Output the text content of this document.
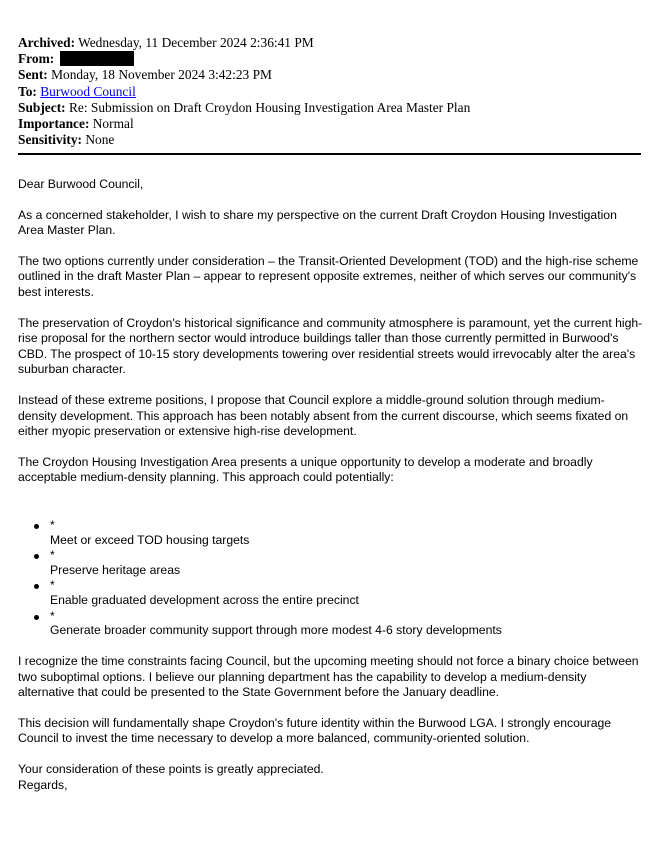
Archived: Wednesday, 11 December 2024 2:36:41 PM
From:
Sent: Monday, 18 November 2024 3:42:23 PM
To: Burwood Council
Subject: Re: Submission on Draft Croydon Housing Investigation Area Master Plan
Importance: Normal
Sensitivity: None

Dear Burwood Council,

As a concerned stakeholder, I wish to share my perspective on the current Draft Croydon Housing Investigation Area Master Plan.

The two options currently under consideration – the Transit-Oriented Development (TOD) and the high-rise scheme outlined in the draft Master Plan – appear to represent opposite extremes, neither of which serves our community's best interests.

The preservation of Croydon's historical significance and community atmosphere is paramount, yet the current high-rise proposal for the northern sector would introduce buildings taller than those currently permitted in Burwood's CBD. The prospect of 10-15 story developments towering over residential streets would irrevocably alter the area's suburban character.

Instead of these extreme positions, I propose that Council explore a middle-ground solution through medium-density development. This approach has been notably absent from the current discourse, which seems fixated on either myopic preservation or extensive high-rise development.

The Croydon Housing Investigation Area presents a unique opportunity to develop a moderate and broadly acceptable medium-density planning. This approach could potentially:

*
Meet or exceed TOD housing targets
*
Preserve heritage areas
*
Enable graduated development across the entire precinct
*
Generate broader community support through more modest 4-6 story developments

I recognize the time constraints facing Council, but the upcoming meeting should not force a binary choice between two suboptimal options. I believe our planning department has the capability to develop a medium-density alternative that could be presented to the State Government before the January deadline.

This decision will fundamentally shape Croydon's future identity within the Burwood LGA. I strongly encourage Council to invest the time necessary to develop a more balanced, community-oriented solution.

Your consideration of these points is greatly appreciated.

Regards,
